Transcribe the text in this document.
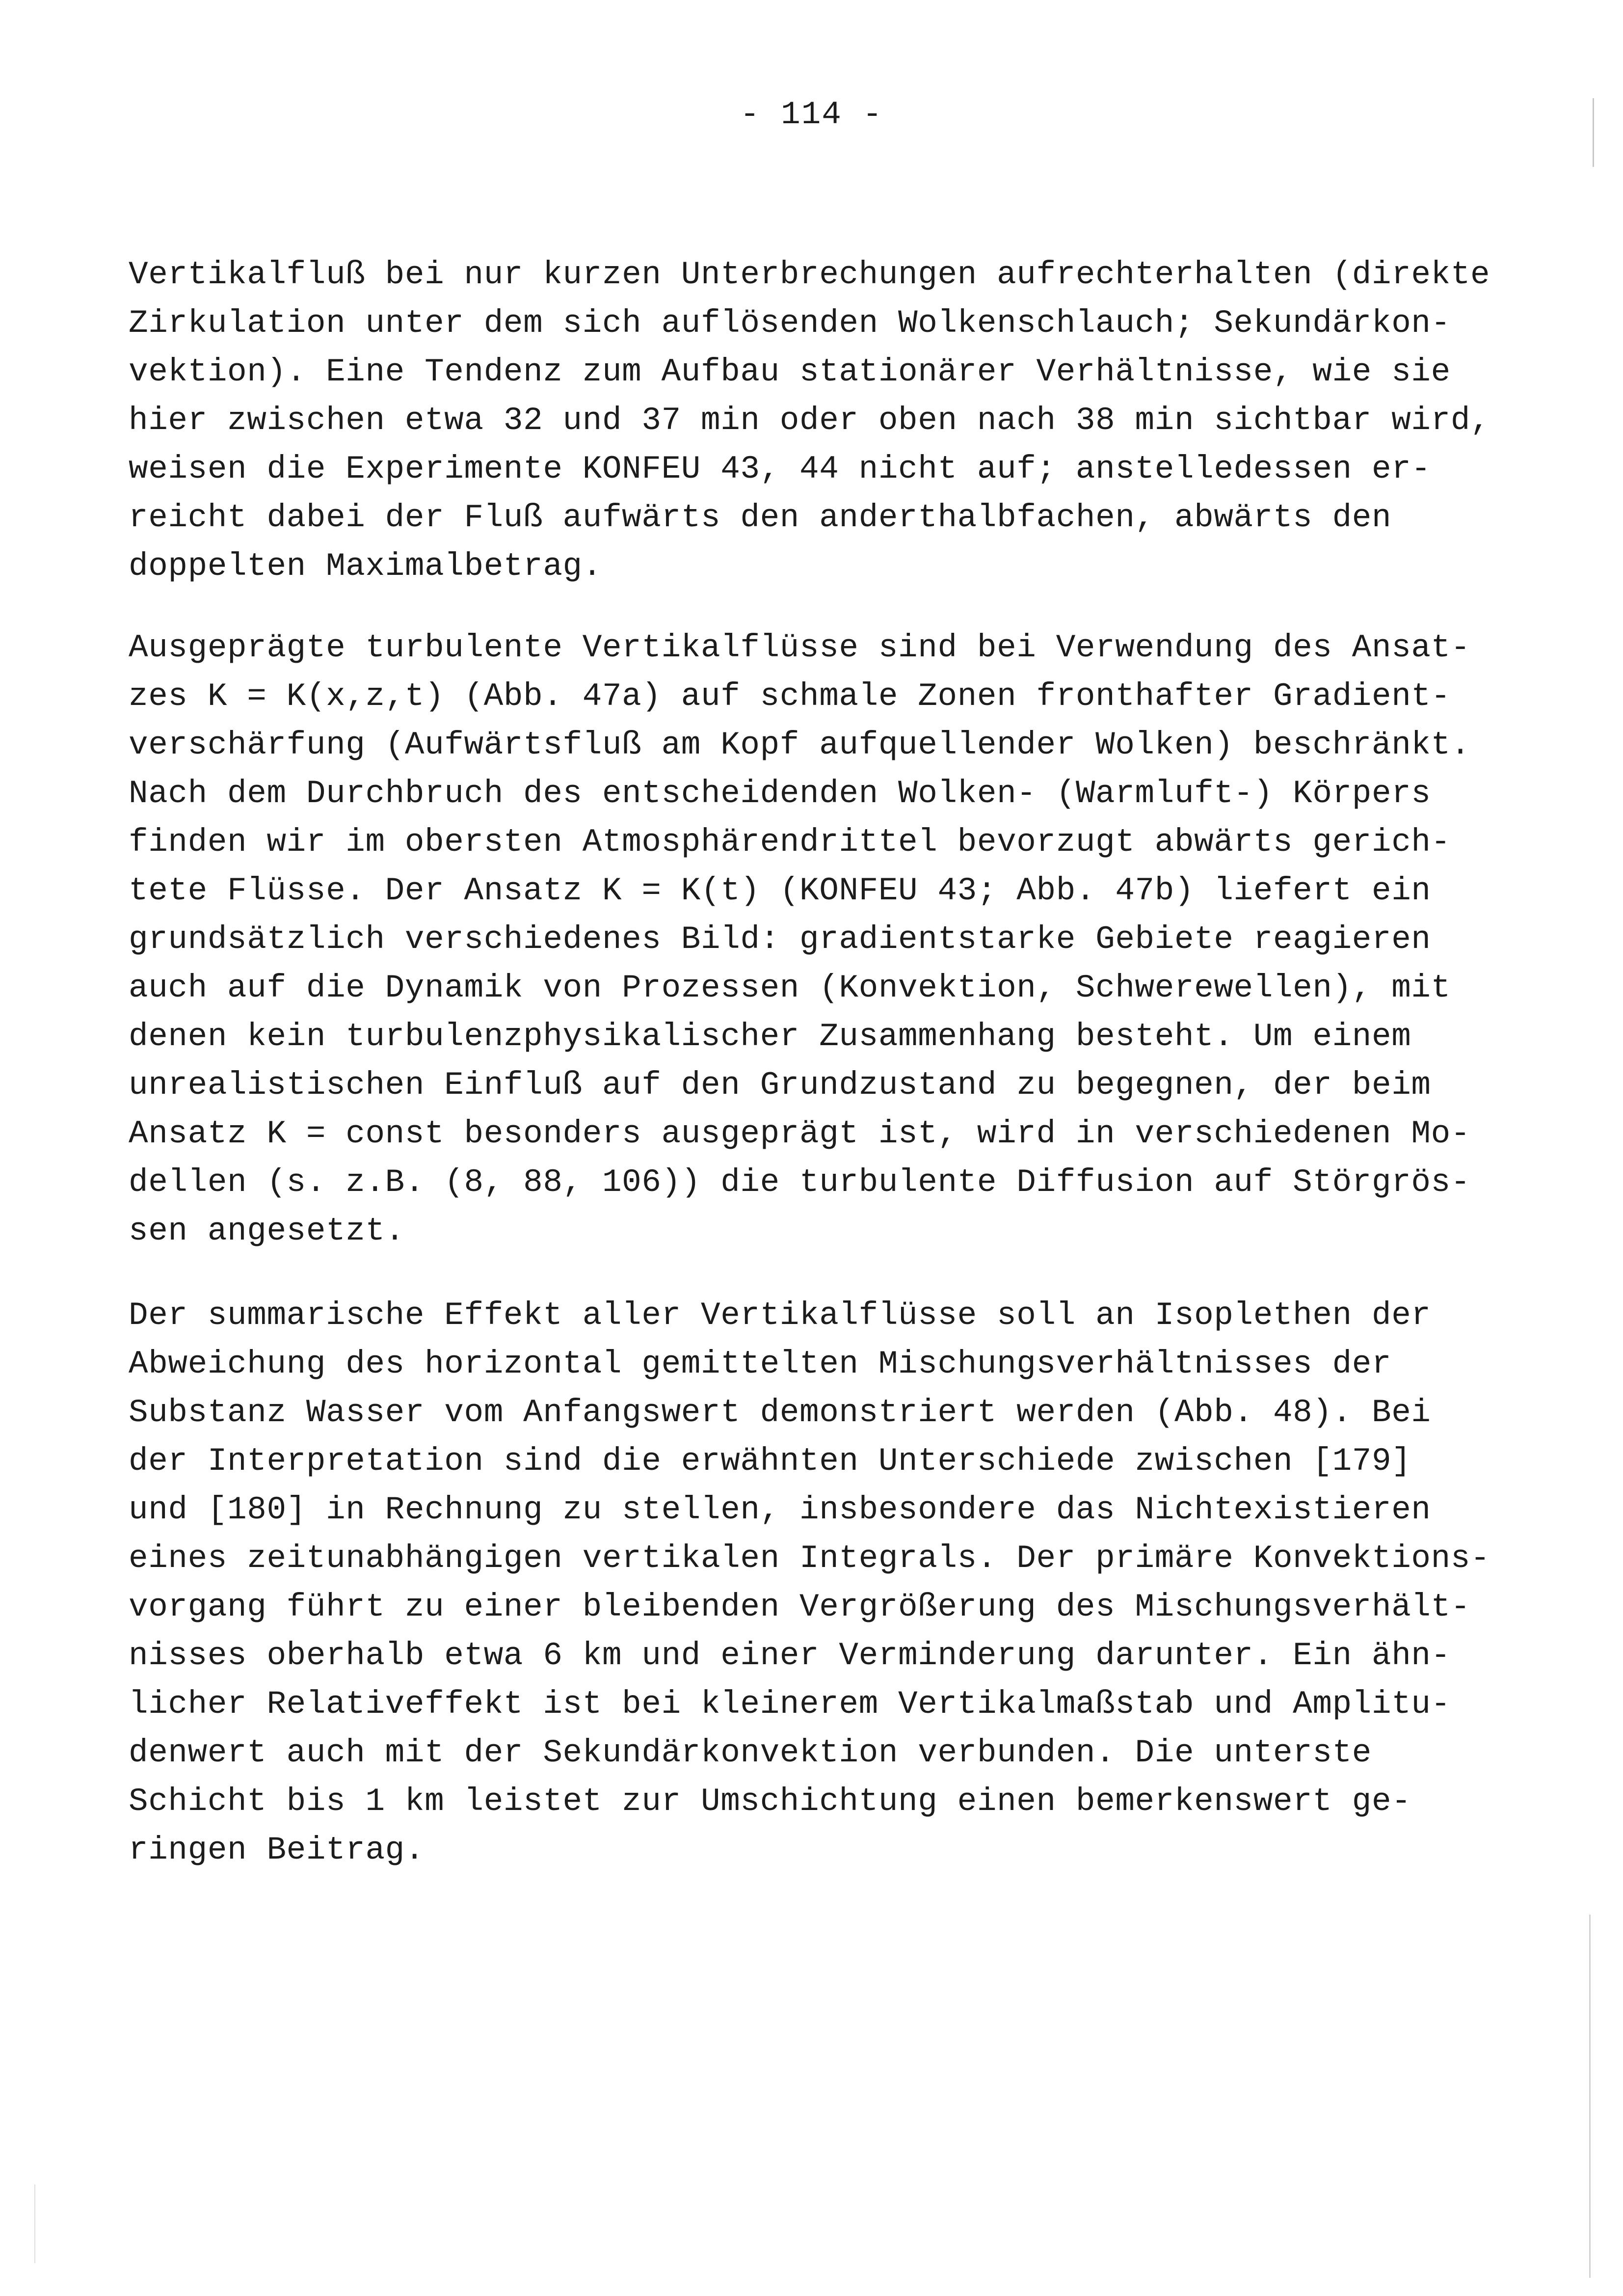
- 114 -

Vertikalfluß bei nur kurzen Unterbrechungen aufrechterhalten (direkte
Zirkulation unter dem sich auflösenden Wolkenschlauch; Sekundärkon-
vektion). Eine Tendenz zum Aufbau stationärer Verhältnisse, wie sie
hier zwischen etwa 32 und 37 min oder oben nach 38 min sichtbar wird,
weisen die Experimente KONFEU 43, 44 nicht auf; anstelledessen er-
reicht dabei der Fluß aufwärts den anderthalbfachen, abwärts den
doppelten Maximalbetrag.

Ausgeprägte turbulente Vertikalflüsse sind bei Verwendung des Ansat-
zes K = K(x,z,t) (Abb. 47a) auf schmale Zonen fronthafter Gradient-
verschärfung (Aufwärtsfluß am Kopf aufquellender Wolken) beschränkt.
Nach dem Durchbruch des entscheidenden Wolken- (Warmluft-) Körpers
finden wir im obersten Atmosphärendrittel bevorzugt abwärts gerich-
tete Flüsse. Der Ansatz K = K(t) (KONFEU 43; Abb. 47b) liefert ein
grundsätzlich verschiedenes Bild: gradientstarke Gebiete reagieren
auch auf die Dynamik von Prozessen (Konvektion, Schwerewellen), mit
denen kein turbulenzphysikalischer Zusammenhang besteht. Um einem
unrealistischen Einfluß auf den Grundzustand zu begegnen, der beim
Ansatz K = const besonders ausgeprägt ist, wird in verschiedenen Mo-
dellen (s. z.B. (8, 88, 106)) die turbulente Diffusion auf Störgrös-
sen angesetzt.

Der summarische Effekt aller Vertikalflüsse soll an Isoplethen der
Abweichung des horizontal gemittelten Mischungsverhältnisses der
Substanz Wasser vom Anfangswert demonstriert werden (Abb. 48). Bei
der Interpretation sind die erwähnten Unterschiede zwischen [179]
und [180] in Rechnung zu stellen, insbesondere das Nichtexistieren
eines zeitunabhängigen vertikalen Integrals. Der primäre Konvektions-
vorgang führt zu einer bleibenden Vergrößerung des Mischungsverhält-
nisses oberhalb etwa 6 km und einer Verminderung darunter. Ein ähn-
licher Relativeffekt ist bei kleinerem Vertikalmaßstab und Amplitu-
denwert auch mit der Sekundärkonvektion verbunden. Die unterste
Schicht bis 1 km leistet zur Umschichtung einen bemerkenswert ge-
ringen Beitrag.
